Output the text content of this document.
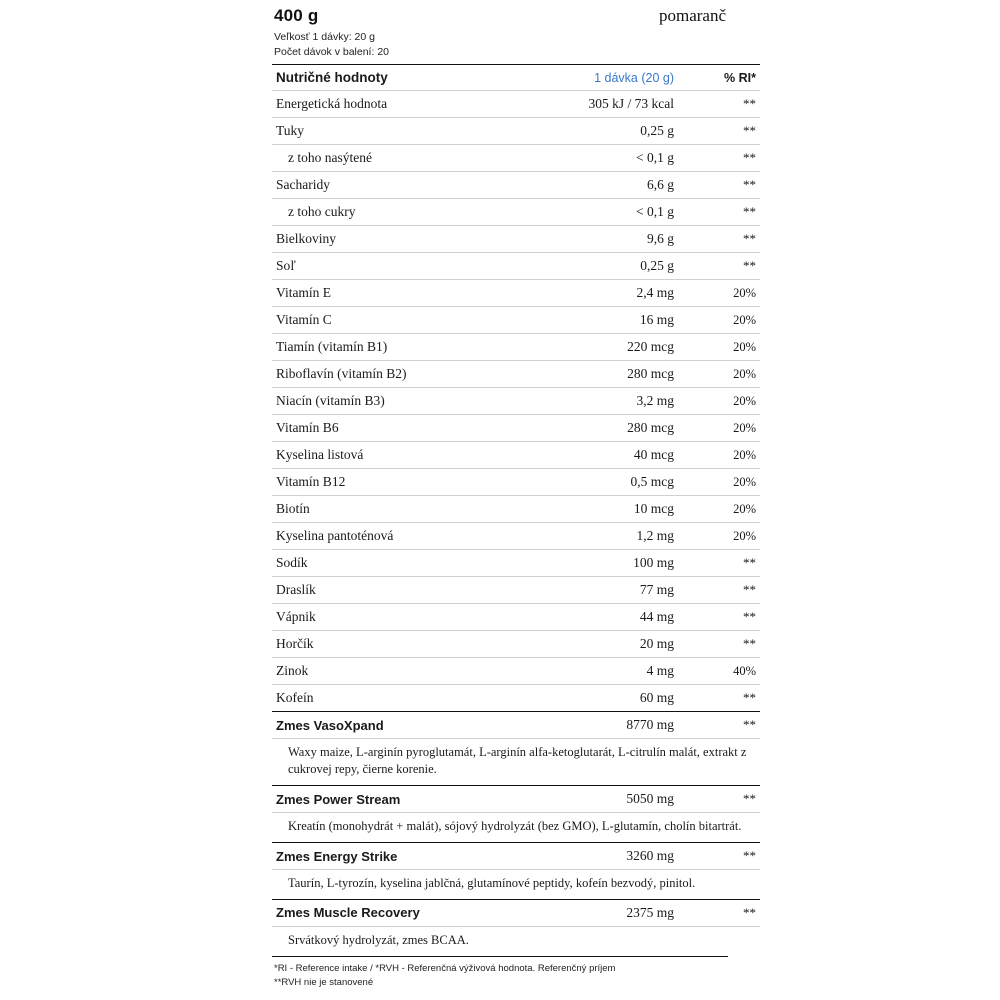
400 g	pomaranč
Veľkosť 1 dávky: 20 g
Počet dávok v balení: 20
Nutričné hodnoty	1 dávka (20 g)	% RI*
Energetická hodnota	305 kJ / 73 kcal	**
Tuky	0,25 g	**
z toho nasýtené	< 0,1 g	**
Sacharidy	6,6 g	**
z toho cukry	< 0,1 g	**
Bielkoviny	9,6 g	**
Soľ	0,25 g	**
Vitamín E	2,4 mg	20%
Vitamín C	16 mg	20%
Tiamín (vitamín B1)	220 mcg	20%
Riboflavín (vitamín B2)	280 mcg	20%
Niacín (vitamín B3)	3,2 mg	20%
Vitamín B6	280 mcg	20%
Kyselina listová	40 mcg	20%
Vitamín B12	0,5 mcg	20%
Biotín	10 mcg	20%
Kyselina pantoténová	1,2 mg	20%
Sodík	100 mg	**
Draslík	77 mg	**
Vápnik	44 mg	**
Horčík	20 mg	**
Zinok	4 mg	40%
Kofeín	60 mg	**
Zmes VasoXpand	8770 mg	**
Waxy maize, L-arginín pyroglutamát, L-arginín alfa-ketoglutarát, L-citrulín malát, extrakt z cukrovej repy, čierne korenie.		
Zmes Power Stream	5050 mg	**
Kreatín (monohydrát + malát), sójový hydrolyzát (bez GMO), L-glutamín, cholín bitartrát.		
Zmes Energy Strike	3260 mg	**
Taurín, L-tyrozín, kyselina jablčná, glutamínové peptidy, kofeín bezvodý, pinitol.		
Zmes Muscle Recovery	2375 mg	**
Srvátkový hydrolyzát, zmes BCAA.		
*RI - Reference intake / *RVH - Referenčná výživová hodnota. Referenčný príjem
**RVH nie je stanovené
